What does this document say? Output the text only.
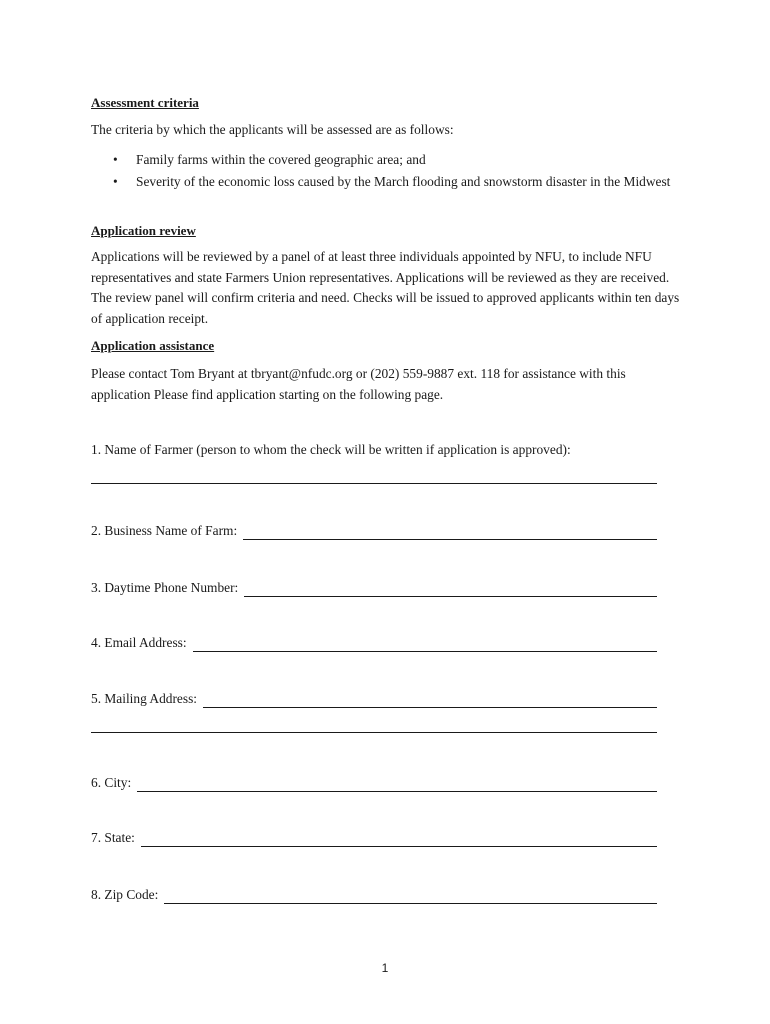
Assessment criteria
The criteria by which the applicants will be assessed are as follows:
• Family farms within the covered geographic area; and
• Severity of the economic loss caused by the March flooding and snowstorm disaster in the Midwest
Application review
Applications will be reviewed by a panel of at least three individuals appointed by NFU, to include NFU representatives and state Farmers Union representatives. Applications will be reviewed as they are received. The review panel will confirm criteria and need. Checks will be issued to approved applicants within ten days of application receipt.
Application assistance
Please contact Tom Bryant at tbryant@nfudc.org or (202) 559-9887 ext. 118 for assistance with this application Please find application starting on the following page.
1. Name of Farmer (person to whom the check will be written if application is approved):
2. Business Name of Farm:
3. Daytime Phone Number:
4. Email Address:
5. Mailing Address:
6. City:
7. State:
8. Zip Code:
1
